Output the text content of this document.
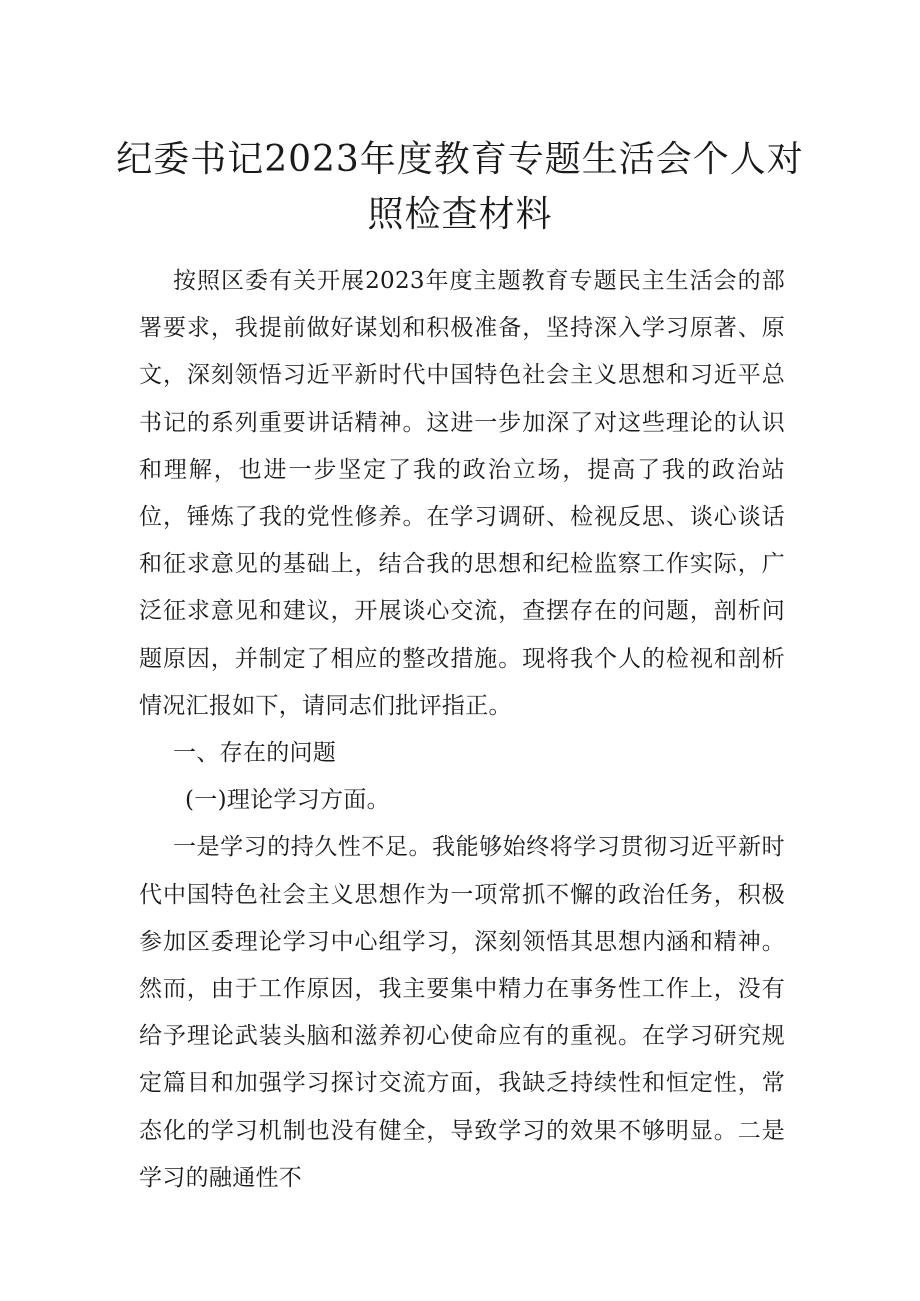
纪委书记2023年度教育专题生活会个人对
照检查材料

按照区委有关开展2023年度主题教育专题民主生活会的部署要求，我提前做好谋划和积极准备，坚持深入学习原著、原文，深刻领悟习近平新时代中国特色社会主义思想和习近平总书记的系列重要讲话精神。这进一步加深了对这些理论的认识和理解，也进一步坚定了我的政治立场，提高了我的政治站位，锤炼了我的党性修养。在学习调研、检视反思、谈心谈话和征求意见的基础上，结合我的思想和纪检监察工作实际，广泛征求意见和建议，开展谈心交流，查摆存在的问题，剖析问题原因，并制定了相应的整改措施。现将我个人的检视和剖析情况汇报如下，请同志们批评指正。

一、存在的问题

(一)理论学习方面。

一是学习的持久性不足。我能够始终将学习贯彻习近平新时代中国特色社会主义思想作为一项常抓不懈的政治任务，积极参加区委理论学习中心组学习，深刻领悟其思想内涵和精神。然而，由于工作原因，我主要集中精力在事务性工作上，没有给予理论武装头脑和滋养初心使命应有的重视。在学习研究规定篇目和加强学习探讨交流方面，我缺乏持续性和恒定性，常态化的学习机制也没有健全，导致学习的效果不够明显。二是学习的融通性不
